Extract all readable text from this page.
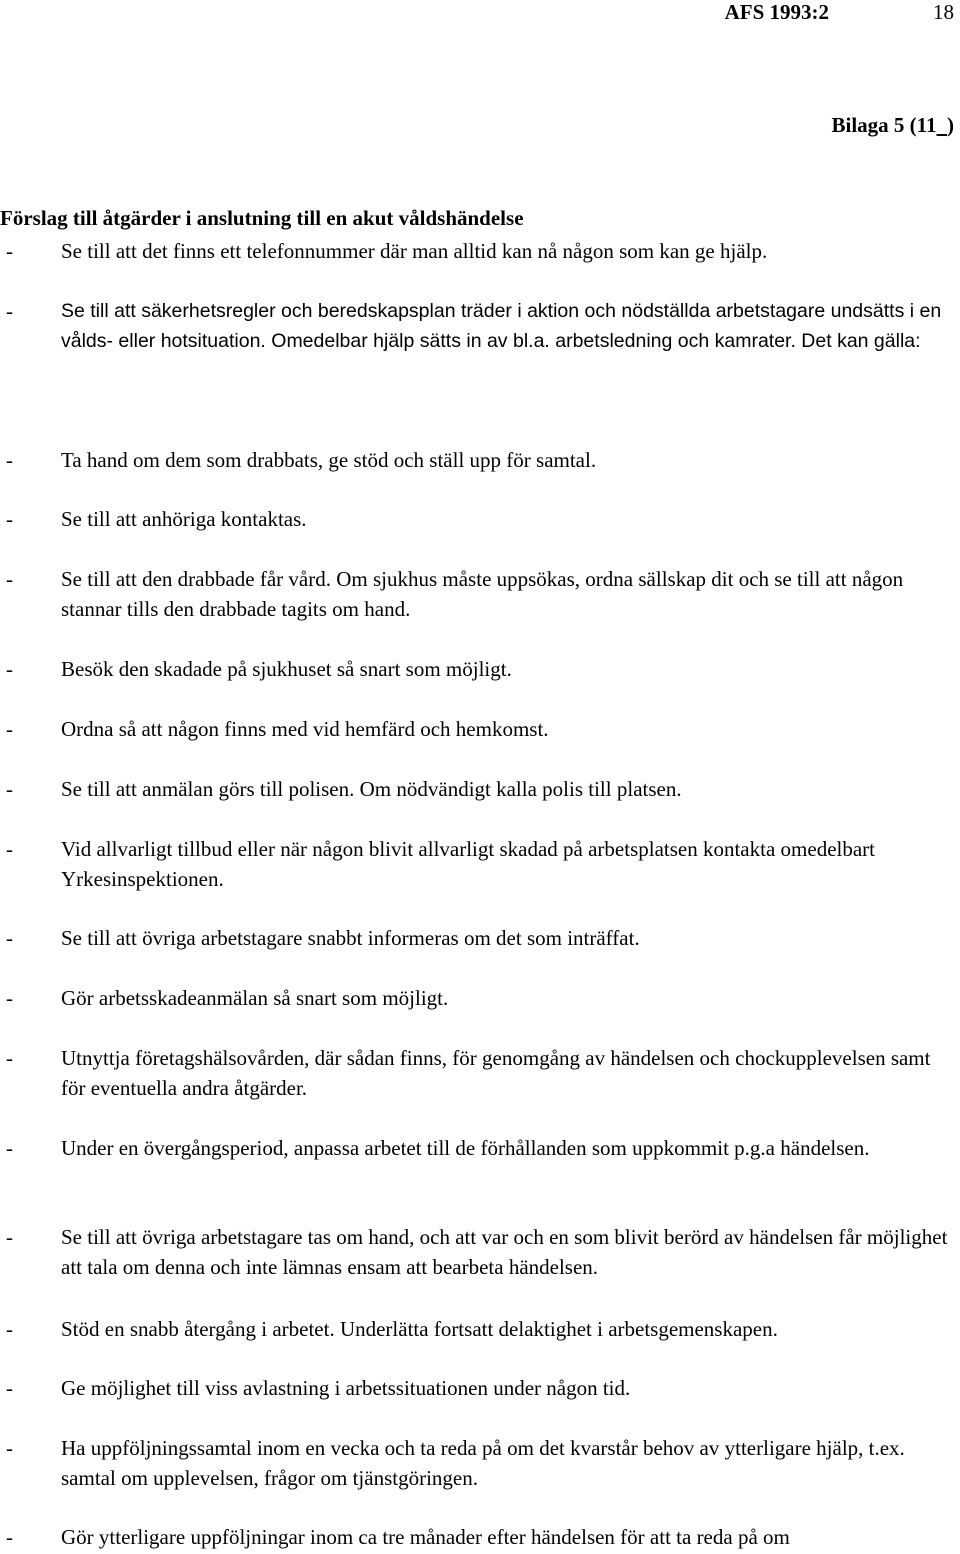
AFS 1993:2	18
Bilaga 5 (11 )
Förslag till åtgärder i anslutning till en akut våldshändelse
- Se till att det finns ett telefonnummer där man alltid kan nå någon som kan ge hjälp.
-	Se till att säkerhetsregler och beredskapsplan träder i aktion och nödställda arbetstagare undsätts i en vålds- eller hotsituation. Omedelbar hjälp sätts in av bl.a. arbetsledning och kamrater. Det kan gälla:
- Ta hand om dem som drabbats, ge stöd och ställ upp för samtal.
- Se till att anhöriga kontaktas.
- Se till att den drabbade får vård. Om sjukhus måste uppsökas, ordna sällskap dit och se till att någon stannar tills den drabbade tagits om hand.
- Besök den skadade på sjukhuset så snart som möjligt.
- Ordna så att någon finns med vid hemfärd och hemkomst.
- Se till att anmälan görs till polisen. Om nödvändigt kalla polis till platsen.
- Vid allvarligt tillbud eller när någon blivit allvarligt skadad på arbetsplatsen kontakta omedelbart Yrkesinspektionen.
- Se till att övriga arbetstagare snabbt informeras om det som inträffat.
- Gör arbetsskadeanmälan så snart som möjligt.
- Utnyttja företagshälsovården, där sådan finns, för genomgång av händelsen och chockupplevelsen samt för eventuella andra åtgärder.
- Under en övergångsperiod, anpassa arbetet till de förhållanden som uppkommit p.g.a händelsen.
- Se till att övriga arbetstagare tas om hand, och att var och en som blivit berörd av händelsen får möjlighet att tala om denna och inte lämnas ensam att bearbeta händelsen.
- Stöd en snabb återgång i arbetet. Underlätta fortsatt delaktighet i arbetsgemenskapen.
- Ge möjlighet till viss avlastning i arbetssituationen under någon tid.
- Ha uppföljningssamtal inom en vecka och ta reda på om det kvarstår behov av ytterligare hjälp, t.ex. samtal om upplevelsen, frågor om tjänstgöringen.
- Gör ytterligare uppföljningar inom ca tre månader efter händelsen för att ta reda på om
